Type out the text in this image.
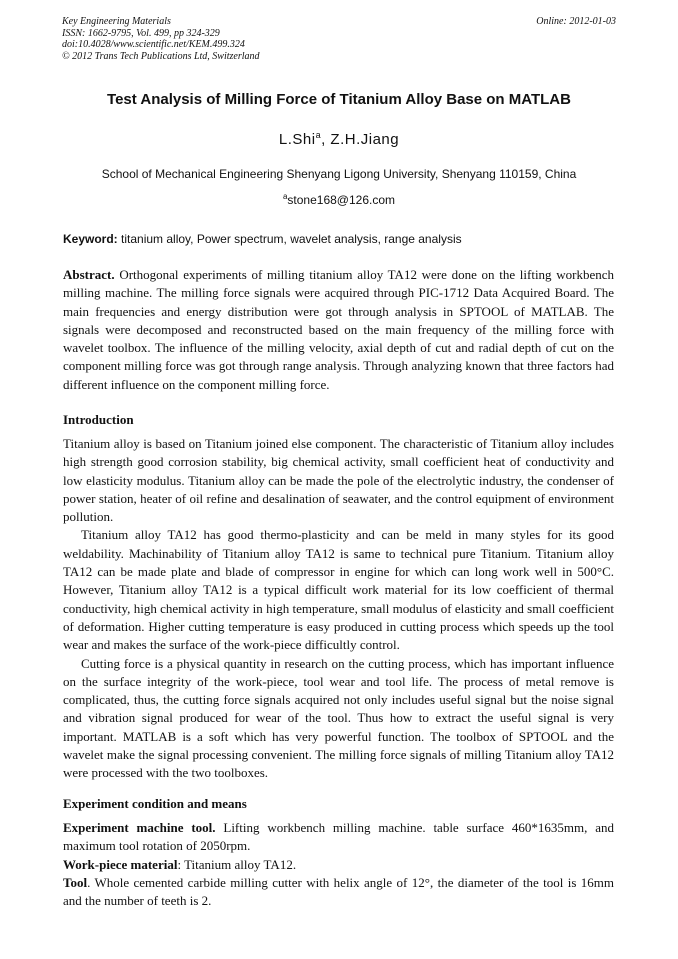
Key Engineering Materials
ISSN: 1662-9795, Vol. 499, pp 324-329
doi:10.4028/www.scientific.net/KEM.499.324
© 2012 Trans Tech Publications Ltd, Switzerland
Online: 2012-01-03
Test Analysis of Milling Force of Titanium Alloy Base on MATLAB
L.Shi$^a$, Z.H.Jiang
School of Mechanical Engineering Shenyang Ligong University, Shenyang 110159, China
$^a$stone168@126.com
Keyword: titanium alloy, Power spectrum, wavelet analysis, range analysis

Abstract. Orthogonal experiments of milling titanium alloy TA12 were done on the lifting workbench milling machine. The milling force signals were acquired through PIC-1712 Data Acquired Board. The main frequencies and energy distribution were got through analysis in SPTOOL of MATLAB. The signals were decomposed and reconstructed based on the main frequency of the milling force with wavelet toolbox. The influence of the milling velocity, axial depth of cut and radial depth of cut on the component milling force was got through range analysis. Through analyzing known that three factors had different influence on the component milling force.

Introduction

Titanium alloy is based on Titanium joined else component. The characteristic of Titanium alloy includes high strength good corrosion stability, big chemical activity, small coefficient heat of conductivity and low elasticity modulus. Titanium alloy can be made the pole of the electrolytic industry, the condenser of power station, heater of oil refine and desalination of seawater, and the control equipment of environment pollution.

Titanium alloy TA12 has good thermo-plasticity and can be meld in many styles for its good weldability. Machinability of Titanium alloy TA12 is same to technical pure Titanium. Titanium alloy TA12 can be made plate and blade of compressor in engine for which can long work well in 500°C. However, Titanium alloy TA12 is a typical difficult work material for its low coefficient of thermal conductivity, high chemical activity in high temperature, small modulus of elasticity and small coefficient of deformation. Higher cutting temperature is easy produced in cutting process which speeds up the tool wear and makes the surface of the work-piece difficultly control.

Cutting force is a physical quantity in research on the cutting process, which has important influence on the surface integrity of the work-piece, tool wear and tool life. The process of metal remove is complicated, thus, the cutting force signals acquired not only includes useful signal but the noise signal and vibration signal produced for wear of the tool. Thus how to extract the useful signal is very important. MATLAB is a soft which has very powerful function. The toolbox of SPTOOL and the wavelet make the signal processing convenient. The milling force signals of milling Titanium alloy TA12 were processed with the two toolboxes.

Experiment condition and means

Experiment machine tool. Lifting workbench milling machine. table surface 460*1635mm, and maximum tool rotation of 2050rpm.

Work-piece material: Titanium alloy TA12.

Tool. Whole cemented carbide milling cutter with helix angle of 12°, the diameter of the tool is 16mm and the number of teeth is 2.
